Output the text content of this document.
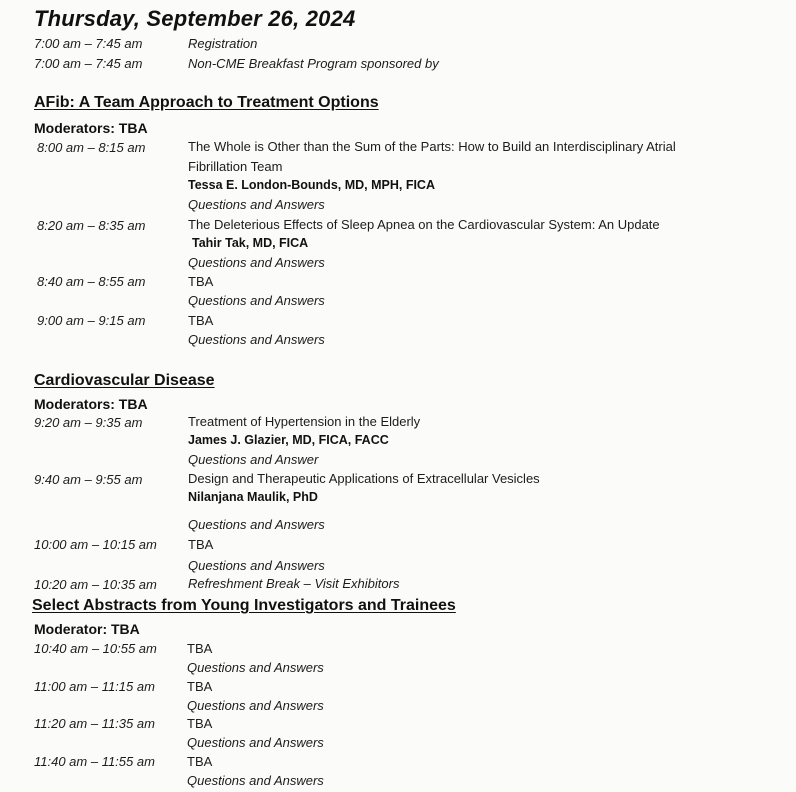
Thursday, September 26, 2024
7:00 am – 7:45 am	Registration
7:00 am – 7:45 am	Non-CME Breakfast Program sponsored by
AFib: A Team Approach to Treatment Options
Moderators: TBA
8:00 am – 8:15 am	The Whole is Other than the Sum of the Parts: How to Build an Interdisciplinary Atrial
Fibrillation Team
Tessa E. London-Bounds, MD, MPH, FICA
Questions and Answers
8:20 am – 8:35 am	The Deleterious Effects of Sleep Apnea on the Cardiovascular System: An Update
Tahir Tak, MD, FICA
Questions and Answers
8:40 am – 8:55 am	TBA
Questions and Answers
9:00 am – 9:15 am	TBA
Questions and Answers
Cardiovascular Disease
Moderators: TBA
9:20 am – 9:35 am	Treatment of Hypertension in the Elderly
James J. Glazier, MD, FICA, FACC
Questions and Answer
9:40 am – 9:55 am	Design and Therapeutic Applications of Extracellular Vesicles
Nilanjana Maulik, PhD
Questions and Answers
10:00 am – 10:15 am TBA
Questions and Answers
10:20 am – 10:35 am Refreshment Break – Visit Exhibitors
Select Abstracts from Young Investigators and Trainees
Moderator: TBA
10:40 am – 10:55 am TBA
Questions and Answers
11:00 am – 11:15 am TBA
Questions and Answers
11:20 am – 11:35 am TBA
Questions and Answers
11:40 am – 11:55 am TBA
Questions and Answers
